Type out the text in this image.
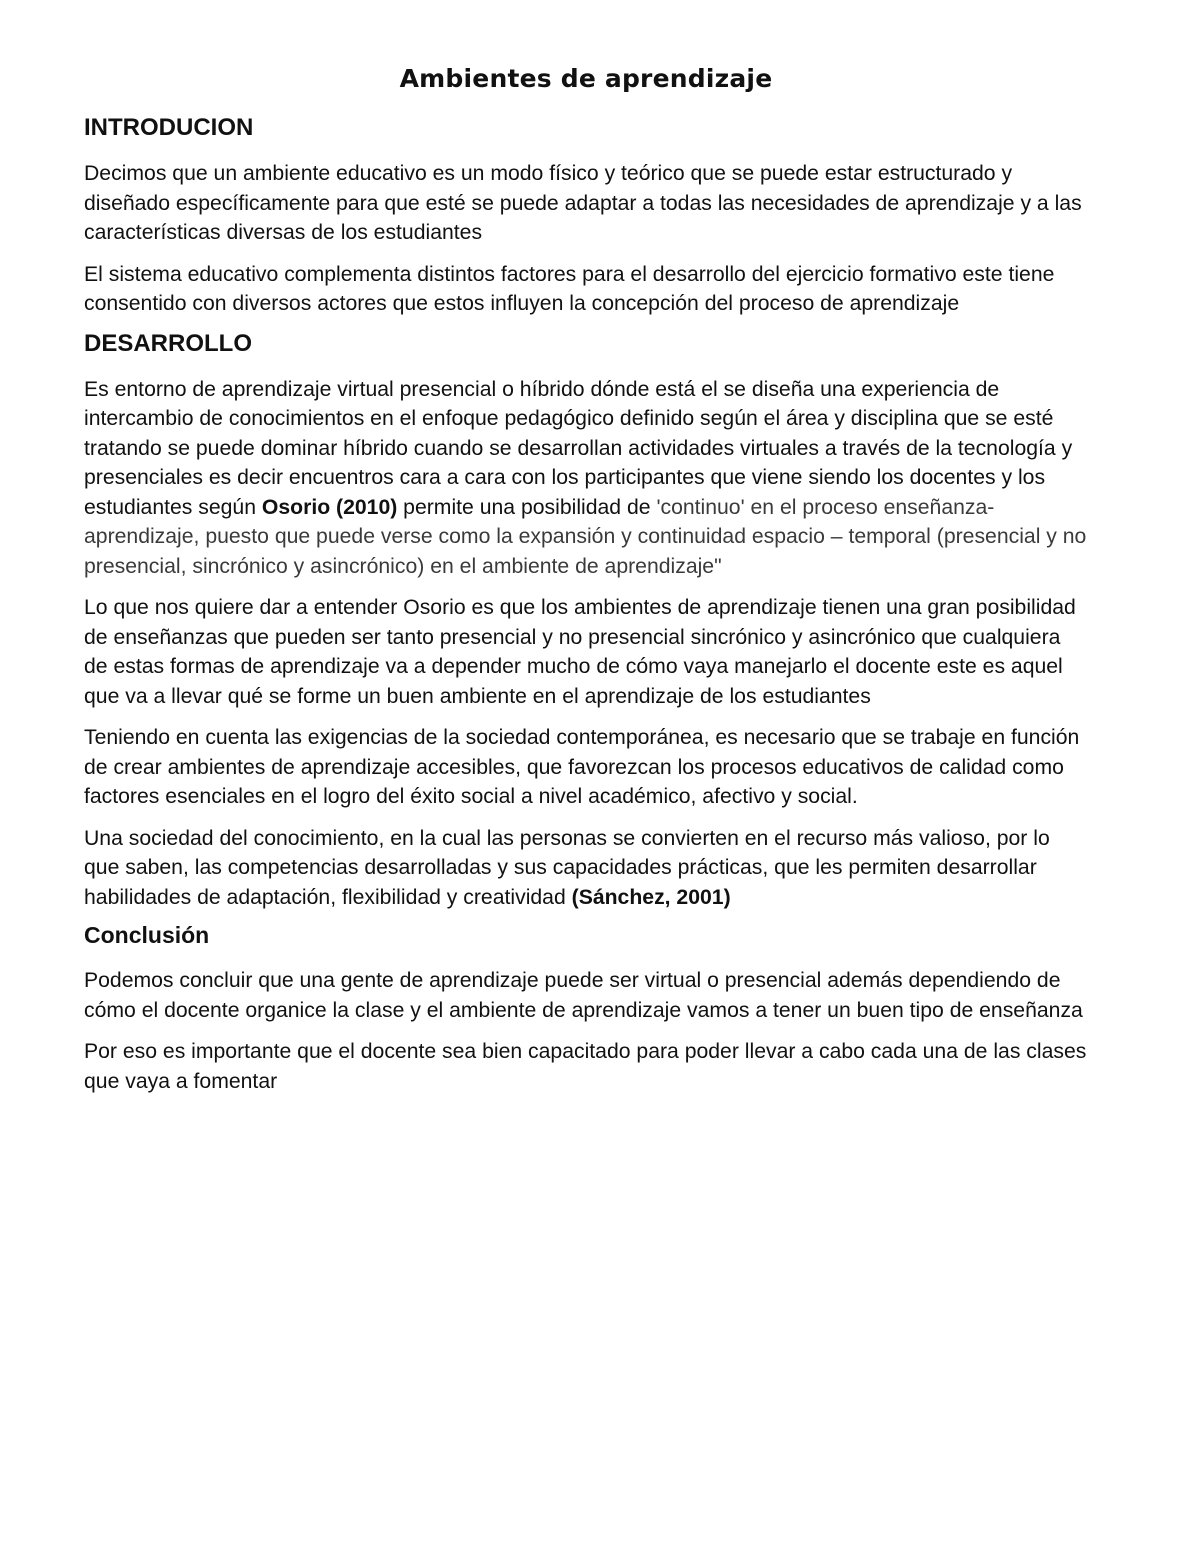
Ambientes de aprendizaje
INTRODUCION

Decimos que un ambiente educativo es un modo físico y teórico que se puede estar estructurado y diseñado específicamente para que esté se puede adaptar a todas las necesidades de aprendizaje y a las características diversas de los estudiantes

El sistema educativo complementa distintos factores para el desarrollo del ejercicio formativo este tiene consentido con diversos actores que estos influyen la concepción del proceso de aprendizaje

DESARROLLO

Es entorno de aprendizaje virtual presencial o híbrido dónde está el se diseña una experiencia de intercambio de conocimientos en el enfoque pedagógico definido según el área y disciplina que se esté tratando se puede dominar híbrido cuando se desarrollan actividades virtuales a través de la tecnología y presenciales es decir encuentros cara a cara con los participantes que viene siendo los docentes y los estudiantes según Osorio (2010) permite una posibilidad de 'continuo' en el proceso enseñanza-aprendizaje, puesto que puede verse como la expansión y continuidad espacio – temporal (presencial y no presencial, sincrónico y asincrónico) en el ambiente de aprendizaje"

Lo que nos quiere dar a entender Osorio es que los ambientes de aprendizaje tienen una gran posibilidad de enseñanzas que pueden ser tanto presencial y no presencial sincrónico y asincrónico que cualquiera de estas formas de aprendizaje va a depender mucho de cómo vaya manejarlo el docente este es aquel que va a llevar qué se forme un buen ambiente en el aprendizaje de los estudiantes

Teniendo en cuenta las exigencias de la sociedad contemporánea, es necesario que se trabaje en función de crear ambientes de aprendizaje accesibles, que favorezcan los procesos educativos de calidad como factores esenciales en el logro del éxito social a nivel académico, afectivo y social.

Una sociedad del conocimiento, en la cual las personas se convierten en el recurso más valioso, por lo que saben, las competencias desarrolladas y sus capacidades prácticas, que les permiten desarrollar habilidades de adaptación, flexibilidad y creatividad (Sánchez, 2001)

Conclusión

Podemos concluir que una gente de aprendizaje puede ser virtual o presencial además dependiendo de cómo el docente organice la clase y el ambiente de aprendizaje vamos a tener un buen tipo de enseñanza

Por eso es importante que el docente sea bien capacitado para poder llevar a cabo cada una de las clases que vaya a fomentar
